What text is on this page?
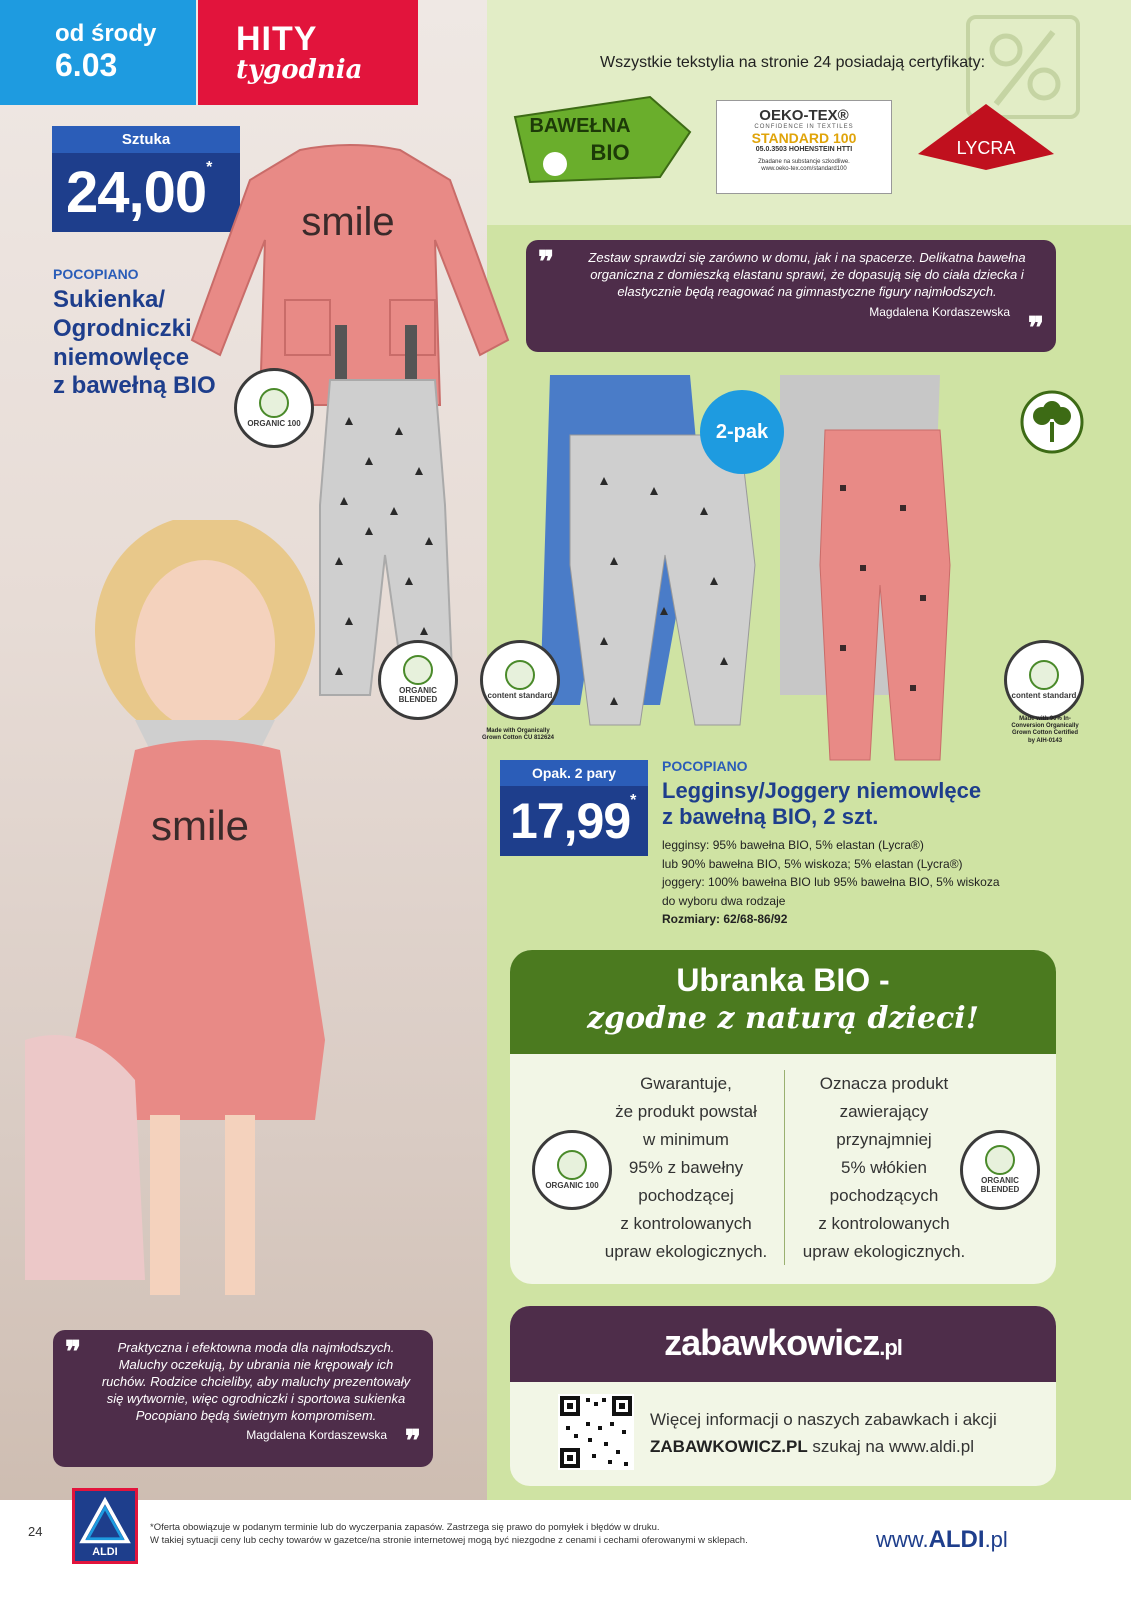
od środy
6.03
HITY
tygodnia
Sztuka
24,00*
POCOPIANO
Sukienka/
Ogrodniczki
niemowlęce
z bawełną BIO
smile
ORGANIC 100
ORGANIC BLENDED
smile
❞	Praktyczna i efektowna moda dla najmłodszych. Maluchy oczekują, by ubrania nie krępowały ich ruchów. Rodzice chcieliby, aby maluchy prezentowały się wytwornie, więc ogrodniczki i sportowa sukienka Pocopiano będą świetnym kompromisem.
Magdalena Kordaszewska ❞
Wszystkie tekstylia na stronie 24 posiadają certyfikaty:
BAWEŁNA
BIO
OEKO-TEX®
CONFIDENCE IN TEXTILES
STANDARD 100
05.0.3503 HOHENSTEIN HTTI
Zbadane na substancje szkodliwe.
www.oeko-tex.com/standard100
LYCRA
❞	Zestaw sprawdzi się zarówno w domu, jak i na spacerze. Delikatna bawełna organiczna z domieszką elastanu sprawi, że dopasują się do ciała dziecka i elastycznie będą reagować na gimnastyczne figury najmłodszych.
Magdalena Kordaszewska
❞
2-pak
content standard
Made with Organically Grown Cotton CU 812624
content standard
Made with 90% In-Conversion Organically Grown Cotton Certified by AIH-0143
Opak. 2 pary
17,99*
POCOPIANO
Legginsy/Joggery niemowlęce
z bawełną BIO, 2 szt.
legginsy: 95% bawełna BIO, 5% elastan (Lycra®)
lub 90% bawełna BIO, 5% wiskoza; 5% elastan (Lycra®)
joggery: 100% bawełna BIO lub 95% bawełna BIO, 5% wiskoza
do wyboru dwa rodzaje
Rozmiary: 62/68-86/92
Ubranka BIO -
zgodne z naturą dzieci!
ORGANIC 100
Gwarantuje,
że produkt powstał
w minimum
95% z bawełny
pochodzącej
z kontrolowanych
upraw ekologicznych.
Oznacza produkt
zawierający
przynajmniej
5% włókien
pochodzących
z kontrolowanych
upraw ekologicznych.
ORGANIC BLENDED
zabawkowicz.pl
Więcej informacji o naszych zabawkach i akcji
ZABAWKOWICZ.PL szukaj na www.aldi.pl
24
ALDI
*Oferta obowiązuje w podanym terminie lub do wyczerpania zapasów. Zastrzega się prawo do pomyłek i błędów w druku.
W takiej sytuacji ceny lub cechy towarów w gazetce/na stronie internetowej mogą być niezgodne z cenami i cechami oferowanymi w sklepach.	www.ALDI.pl
